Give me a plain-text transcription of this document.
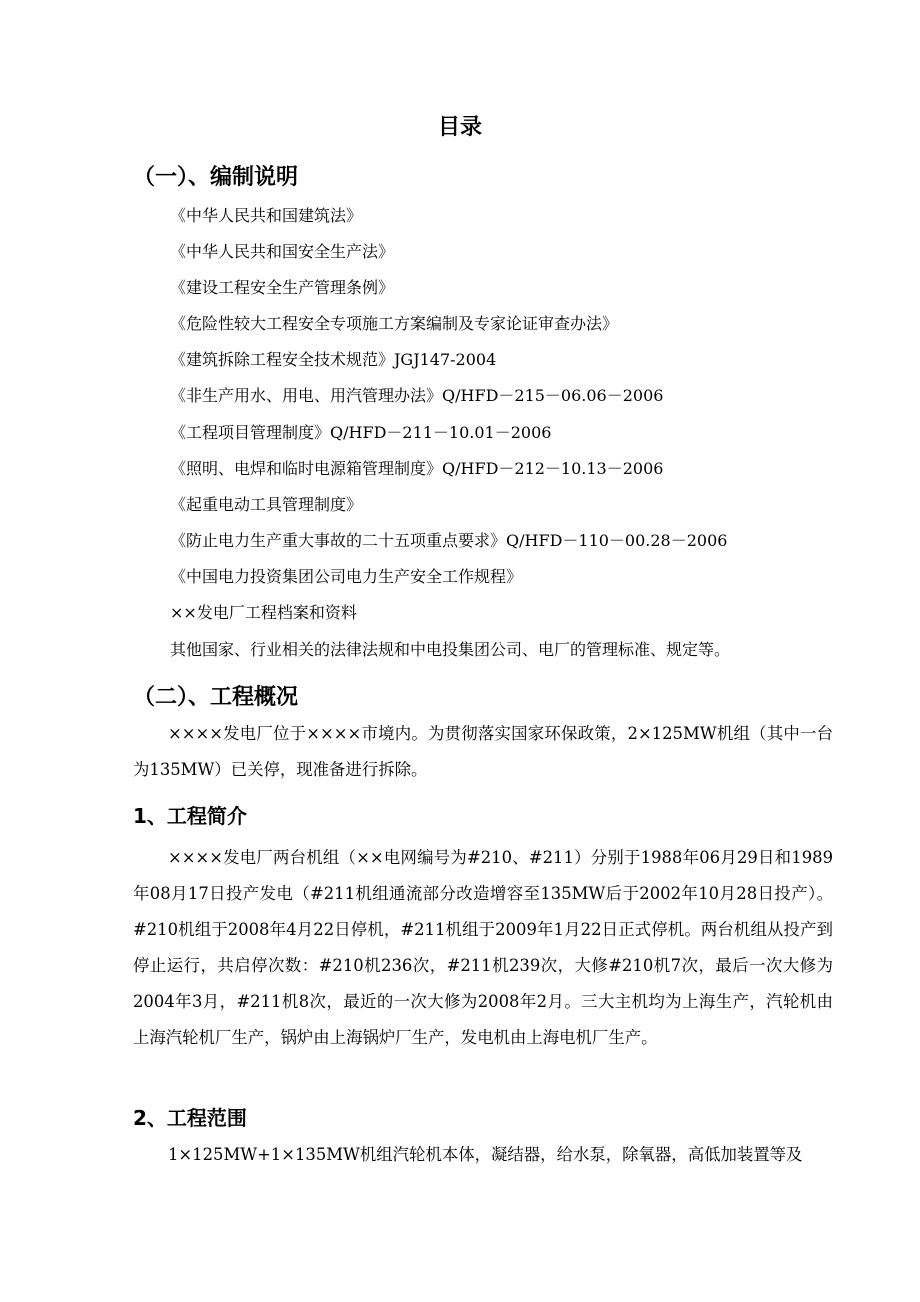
目录
（一）、编制说明
《中华人民共和国建筑法》
《中华人民共和国安全生产法》
《建设工程安全生产管理条例》
《危险性较大工程安全专项施工方案编制及专家论证审查办法》
《建筑拆除工程安全技术规范》JGJ147-2004
《非生产用水、用电、用汽管理办法》Q/HFD－215－06.06－2006
《工程项目管理制度》Q/HFD－211－10.01－2006
《照明、电焊和临时电源箱管理制度》Q/HFD－212－10.13－2006
《起重电动工具管理制度》
《防止电力生产重大事故的二十五项重点要求》Q/HFD－110－00.28－2006
《中国电力投资集团公司电力生产安全工作规程》
××发电厂工程档案和资料
其他国家、行业相关的法律法规和中电投集团公司、电厂的管理标准、规定等。
（二）、工程概况
××××发电厂位于××××市境内。为贯彻落实国家环保政策，2×125MW机组（其中一台为135MW）已关停，现准备进行拆除。
1、工程简介
××××发电厂两台机组（××电网编号为#210、#211）分别于1988年06月29日和1989年08月17日投产发电（#211机组通流部分改造增容至135MW后于2002年10月28日投产）。#210机组于2008年4月22日停机，#211机组于2009年1月22日正式停机。两台机组从投产到停止运行，共启停次数：#210机236次，#211机239次，大修#210机7次，最后一次大修为2004年3月，#211机8次，最近的一次大修为2008年2月。三大主机均为上海生产，汽轮机由上海汽轮机厂生产，锅炉由上海锅炉厂生产，发电机由上海电机厂生产。
2、工程范围
1×125MW+1×135MW机组汽轮机本体，凝结器，给水泵，除氧器，高低加装置等及
